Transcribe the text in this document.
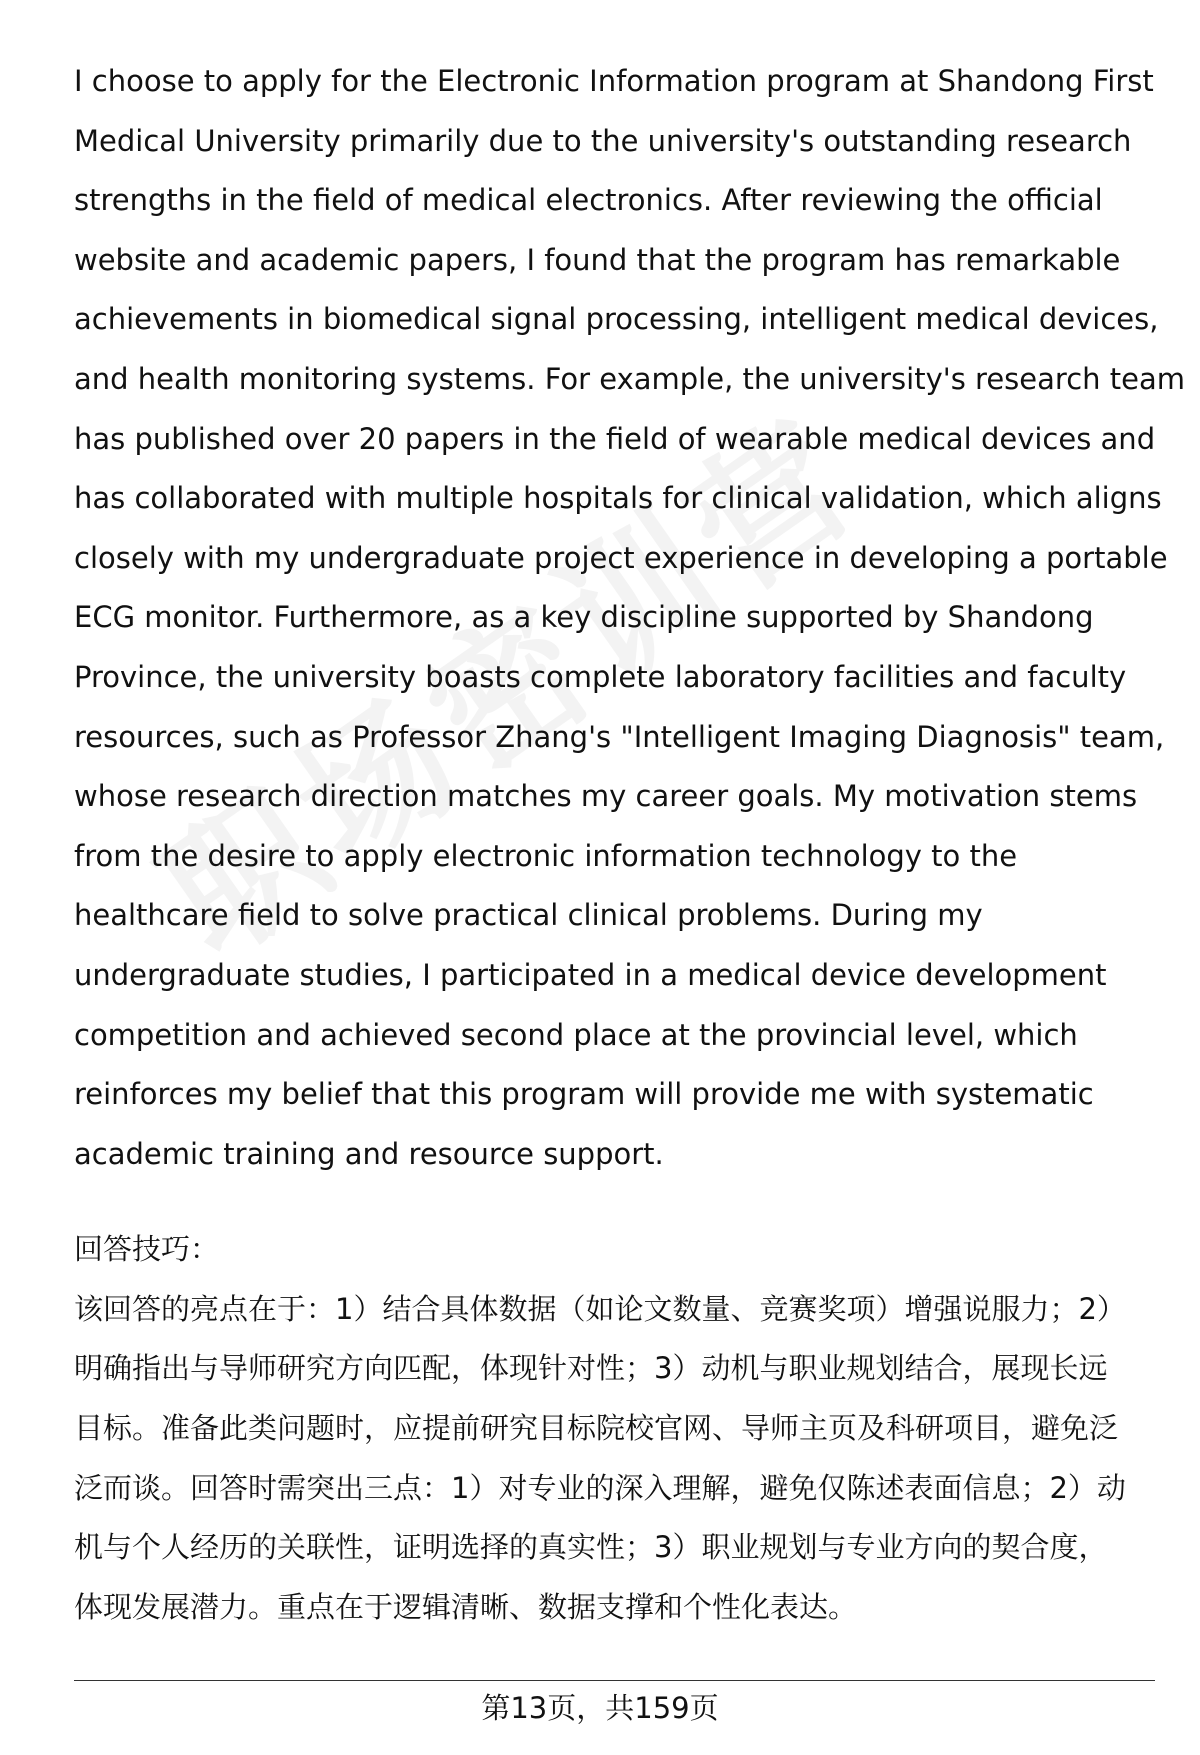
I choose to apply for the Electronic Information program at Shandong First
Medical University primarily due to the university's outstanding research
strengths in the field of medical electronics. After reviewing the official
website and academic papers, I found that the program has remarkable
achievements in biomedical signal processing, intelligent medical devices,
and health monitoring systems. For example, the university's research team
has published over 20 papers in the field of wearable medical devices and
has collaborated with multiple hospitals for clinical validation, which aligns
closely with my undergraduate project experience in developing a portable
ECG monitor. Furthermore, as a key discipline supported by Shandong
Province, the university boasts complete laboratory facilities and faculty
resources, such as Professor Zhang's "Intelligent Imaging Diagnosis" team,
whose research direction matches my career goals. My motivation stems
from the desire to apply electronic information technology to the
healthcare field to solve practical clinical problems. During my
undergraduate studies, I participated in a medical device development
competition and achieved second place at the provincial level, which
reinforces my belief that this program will provide me with systematic
academic training and resource support.

回答技巧：

该回答的亮点在于：1）结合具体数据（如论文数量、竞赛奖项）增强说服力；2）
明确指出与导师研究方向匹配，体现针对性；3）动机与职业规划结合，展现长远
目标。准备此类问题时，应提前研究目标院校官网、导师主页及科研项目，避免泛
泛而谈。回答时需突出三点：1）对专业的深入理解，避免仅陈述表面信息；2）动
机与个人经历的关联性，证明选择的真实性；3）职业规划与专业方向的契合度，
体现发展潜力。重点在于逻辑清晰、数据支撑和个性化表达。

第13页，共159页
